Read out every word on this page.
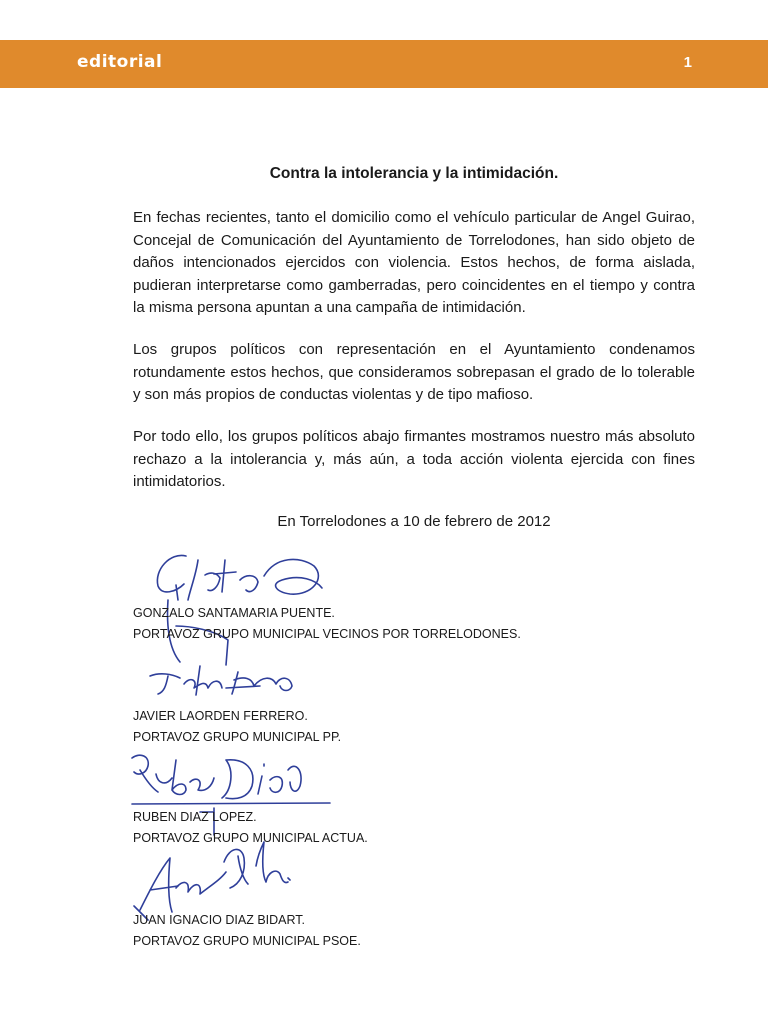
editorial	1
Contra la intolerancia y la intimidación.
En fechas recientes, tanto el domicilio como el vehículo particular de Angel Guirao, Concejal de Comunicación del Ayuntamiento de Torrelodones, han sido objeto de daños intencionados ejercidos con violencia. Estos hechos, de forma aislada, pudieran interpretarse como gamberradas, pero coincidentes en el tiempo y contra la misma persona apuntan a una campaña de intimidación.
Los grupos políticos con representación en el Ayuntamiento condenamos rotundamente estos hechos, que consideramos sobrepasan el grado de lo tolerable y son más propios de conductas violentas y de tipo mafioso.
Por todo ello, los grupos políticos abajo firmantes mostramos nuestro más absoluto rechazo a la intolerancia y, más aún, a toda acción violenta ejercida con fines intimidatorios.
En Torrelodones a 10 de febrero de 2012
GONZALO SANTAMARIA PUENTE.
PORTAVOZ GRUPO MUNICIPAL VECINOS POR TORRELODONES.
JAVIER LAORDEN FERRERO.
PORTAVOZ GRUPO MUNICIPAL PP.
RUBEN DIAZ LOPEZ.
PORTAVOZ GRUPO MUNICIPAL ACTUA.
JUAN IGNACIO DIAZ BIDART.
PORTAVOZ GRUPO MUNICIPAL PSOE.
